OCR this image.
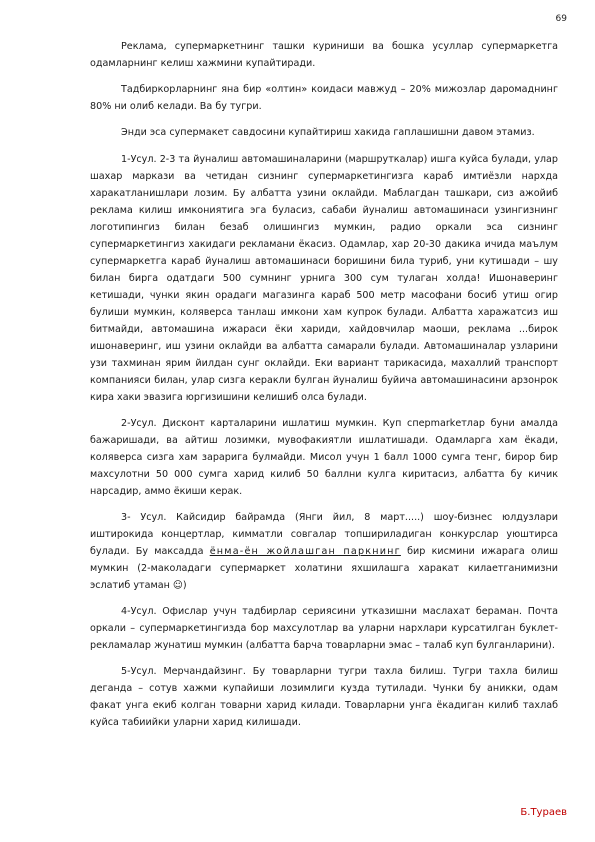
69

Реклама, супермаркетнинг ташки куриниши ва бошка усуллар супермаркетга одамларнинг келиш хажмини купайтиради.

Тадбиркорларнинг яна бир «олтин» коидаси мавжуд – 20% мижозлар даромаднинг 80% ни олиб келади. Ва бу тугри.

Энди эса супермакет савдосини купайтириш хакида гаплашишни давом этамиз.

1-Усул. 2-3 та йуналиш автомашиналарини (маршруткалар) ишга куйса булади, улар шахар маркази ва четидан сизнинг супермаркетингизга караб имтиёзли нархда харакатланишлари лозим. Бу албатта узини оклайди. Маблагдан ташкари, сиз ажойиб реклама килиш имкониятига эга буласиз, сабаби йуналиш автомашинаси узингизнинг логотипингиз билан безаб олишингиз мумкин, радио оркали эса сизнинг супермаркетингиз хакидаги рекламани ёкасиз. Одамлар, хар 20-30 дакика ичида маълум супермаркетга караб йуналиш автомашинаси боришини била туриб, уни кутишади – шу билан бирга одатдаги 500 сумнинг урнига 300 сум тулаган холда! Ишонаверинг кетишади, чунки якин орадаги магазинга караб 500 метр масофани босиб утиш огир булиши мумкин, коляверса танлаш имкони хам купрок булади. Албатта харажатсиз иш битмайди, автомашина ижараси ёки хариди, хайдовчилар маоши, реклама ...бирок ишонаверинг, иш узини оклайди ва албатта самарали булади. Автомашиналар узларини узи тахминан ярим йилдан сунг оклайди. Еки вариант тарикасида, махаллий транспорт компанияси билан, улар сизга керакли булган йуналиш буйича автомашинасини арзонрок кира хаки эвазига юргизишини келишиб олса булади.

2-Усул. Дисконт карталарини ишлатиш мумкин. Куп сперmarkетлар буни амалда бажаришади, ва айтиш лозимки, мувофакиятли ишлатишади. Одамларга хам ёкади, коляверса сизга хам зарарига булмайди. Мисол учун 1 балл 1000 сумга тенг, бирор бир махсулотни 50 000 сумга харид килиб 50 баллни кулга киритасиз, албатта бу кичик нарсадир, аммо ёкиши керак.

3- Усул. Кайсидир байрамда (Янги йил, 8 март.....) шоу-бизнес юлдузлари иштирокида концертлар, кимматли совгалар топшириладиган конкурслар уюштирса булади. Бу максадда ёнма-ён жойлашган паркнинг бир кисмини ижарага олиш мумкин (2-маколадаги супермаркет холатини яхшилашга харакат килаетганимизни эслатиб утаман ☺)

4-Усул. Офислар учун тадбирлар сериясини утказишни маслахат бераман. Почта оркали – супермаркетингизда бор махсулотлар ва уларни нархлари курсатилган буклет-рекламалар жунатиш мумкин (албатта барча товарларни эмас – талаб куп булганларини).

5-Усул. Мерчандайзинг. Бу товарларни тугри тахла билиш. Тугри тахла билиш деганда – сотув хажми купайиши лозимлиги кузда тутилади. Чунки бу аникки, одам факат унга екиб колган товарни харид килади. Товарларни унга ёкадиган килиб тахлаб куйса табиийки уларни харид килишади.

Б.Тураев
